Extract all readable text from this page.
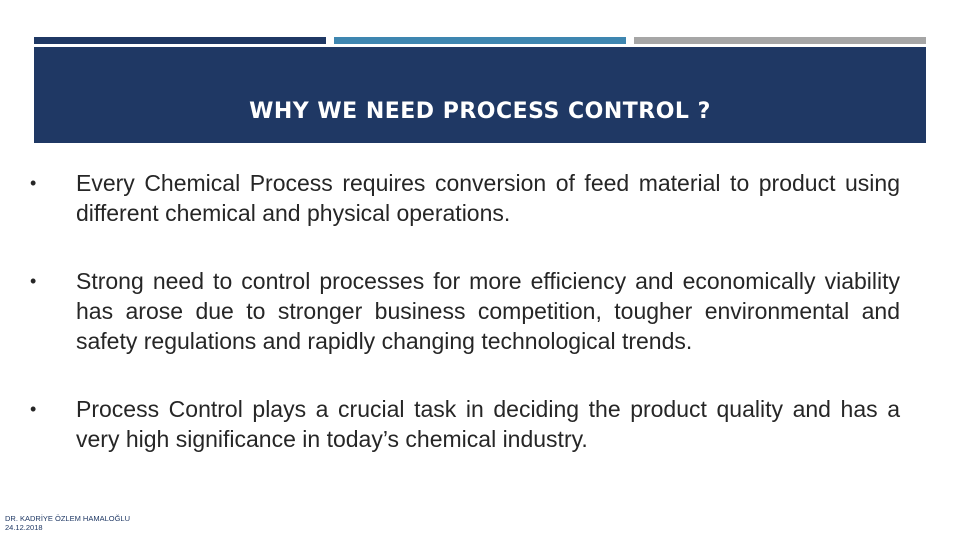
WHY WE NEED PROCESS CONTROL ?
•	Every Chemical Process requires conversion of feed material to product using different chemical and physical operations.
•	Strong need to control processes for more efficiency and economically viability has arose due to stronger business competition, tougher environmental and safety regulations and rapidly changing technological trends.
•	Process Control plays a crucial task in deciding the product quality and has a very high significance in today’s chemical industry.
DR. KADRİYE ÖZLEM HAMALOĞLU
24.12.2018
